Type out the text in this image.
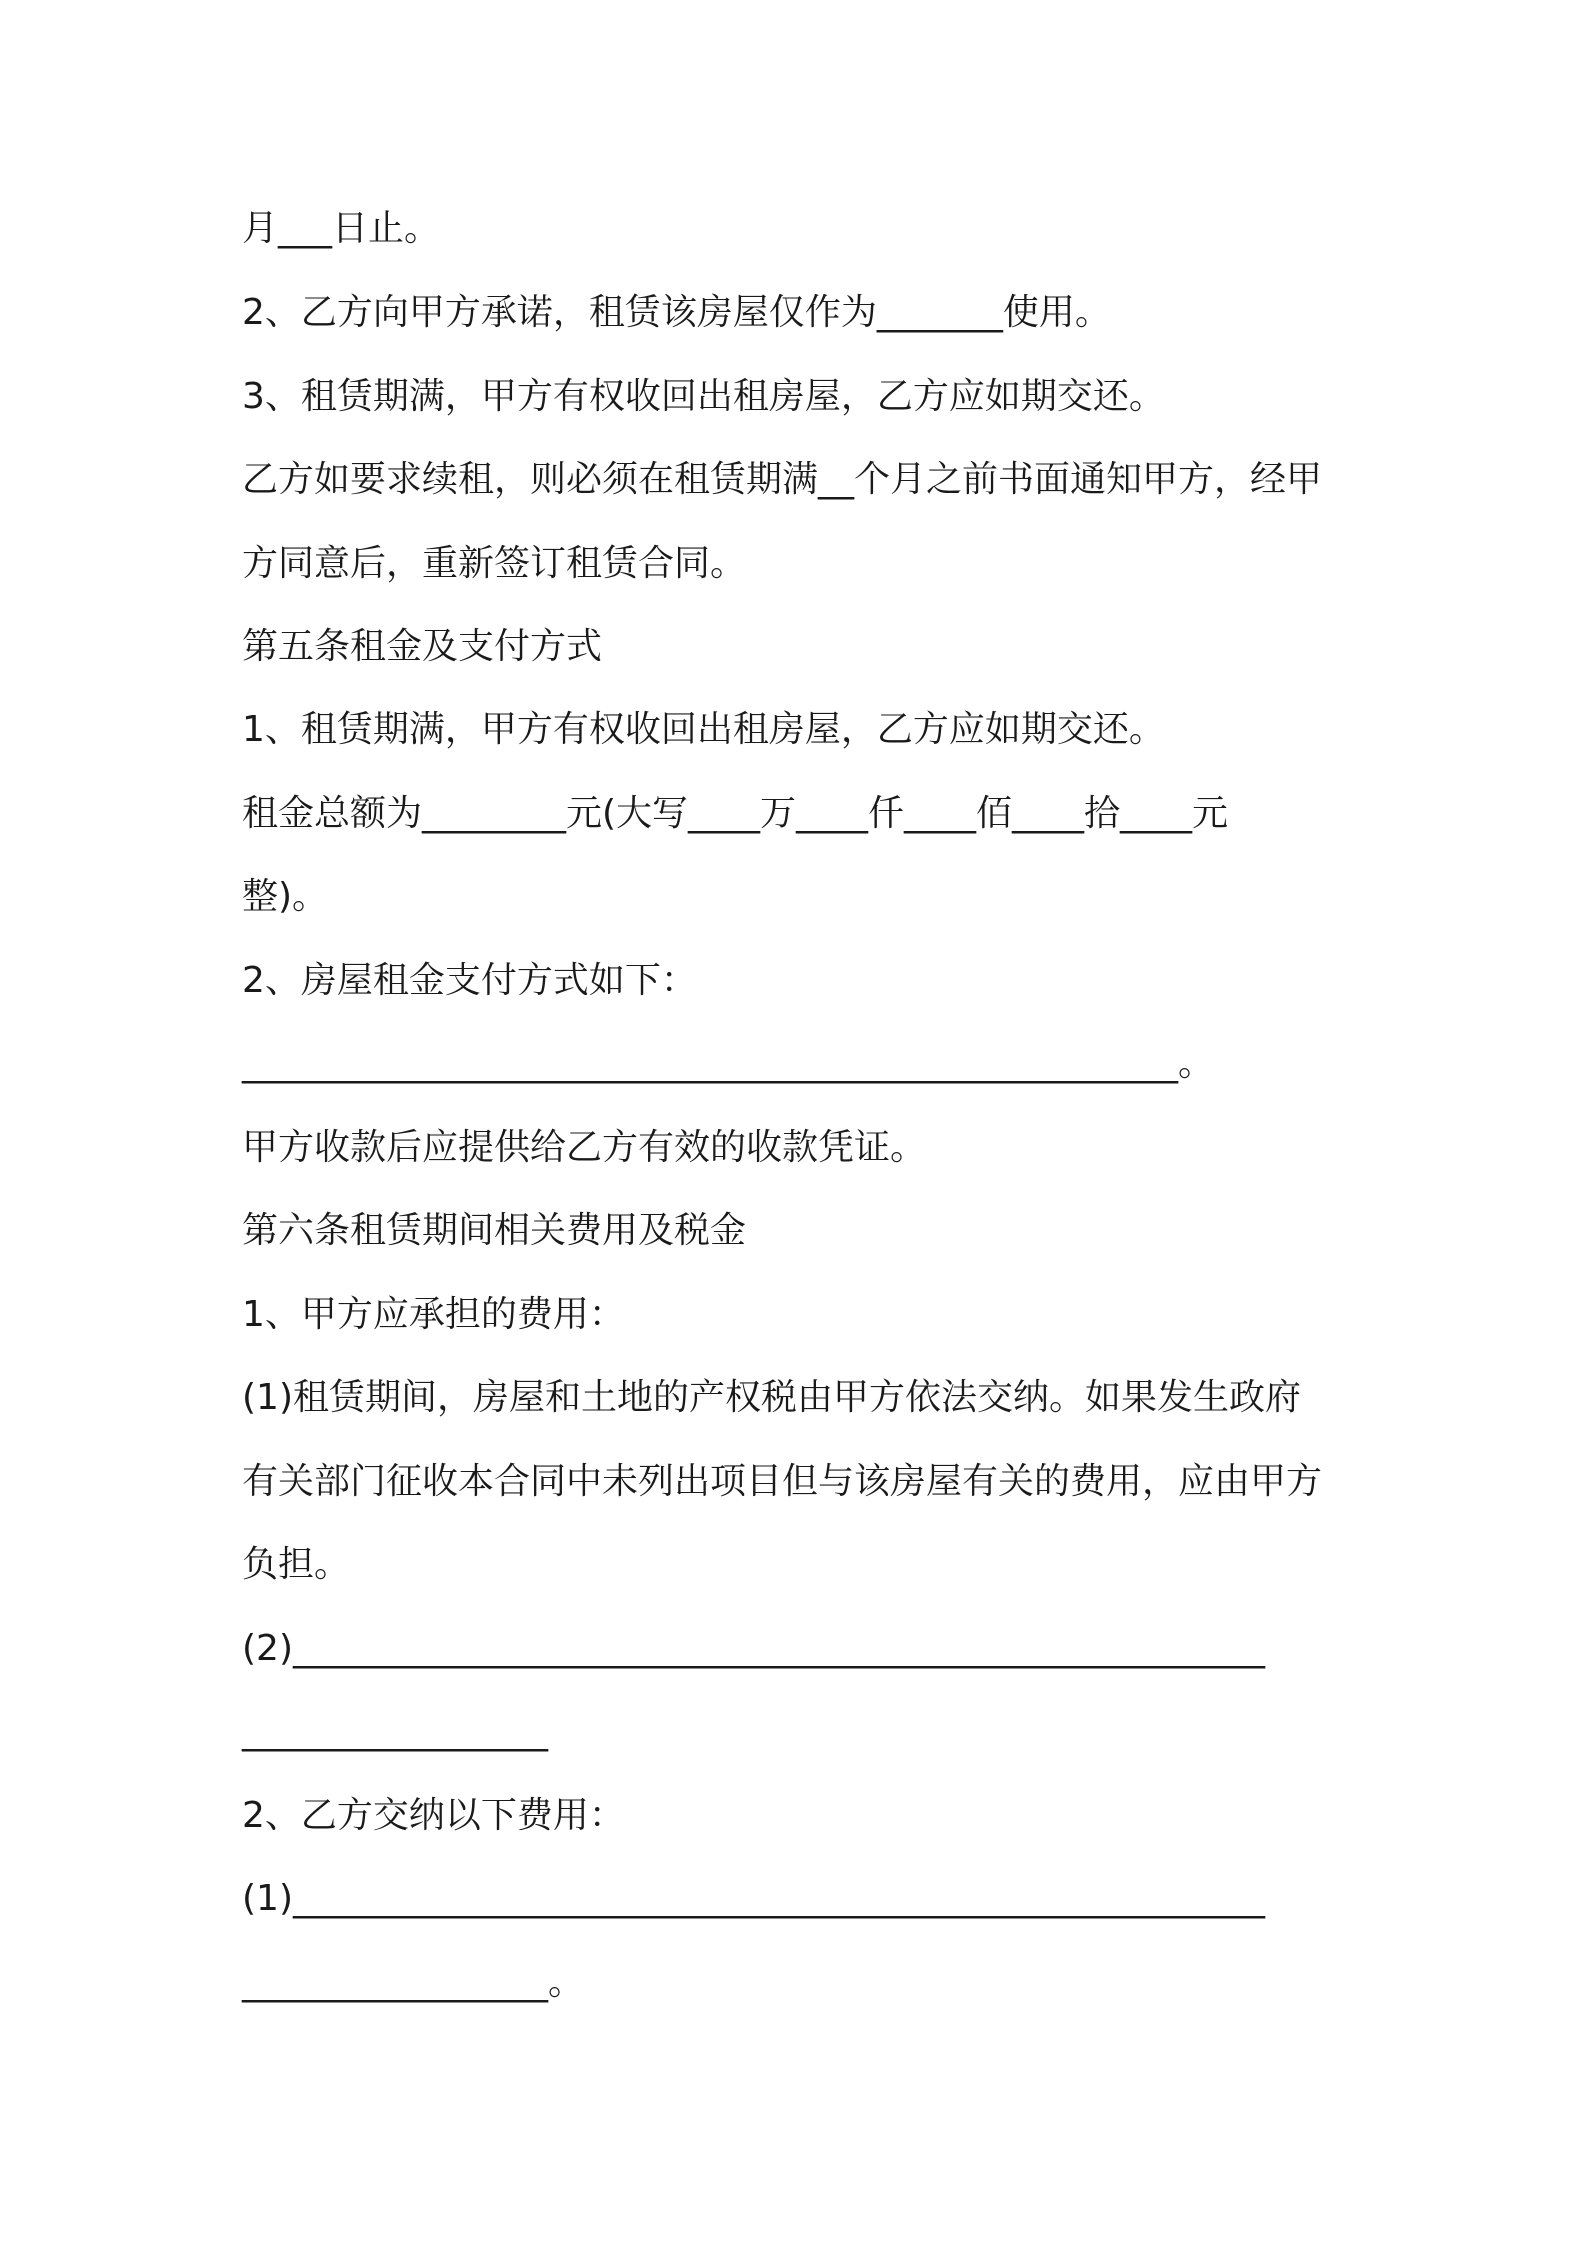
月___日止。

2、乙方向甲方承诺，租赁该房屋仅作为_______使用。

3、租赁期满，甲方有权收回出租房屋，乙方应如期交还。

乙方如要求续租，则必须在租赁期满__个月之前书面通知甲方，经甲

方同意后，重新签订租赁合同。

第五条租金及支付方式

1、租赁期满，甲方有权收回出租房屋，乙方应如期交还。

租金总额为________元(大写____万____仟____佰____拾____元

整)。

2、房屋租金支付方式如下：

____________________________________________________。

甲方收款后应提供给乙方有效的收款凭证。

第六条租赁期间相关费用及税金

1、甲方应承担的费用：

(1)租赁期间，房屋和土地的产权税由甲方依法交纳。如果发生政府

有关部门征收本合同中未列出项目但与该房屋有关的费用，应由甲方

负担。

(2)______________________________________________________

_________________

2、乙方交纳以下费用：

(1)______________________________________________________

_________________。
